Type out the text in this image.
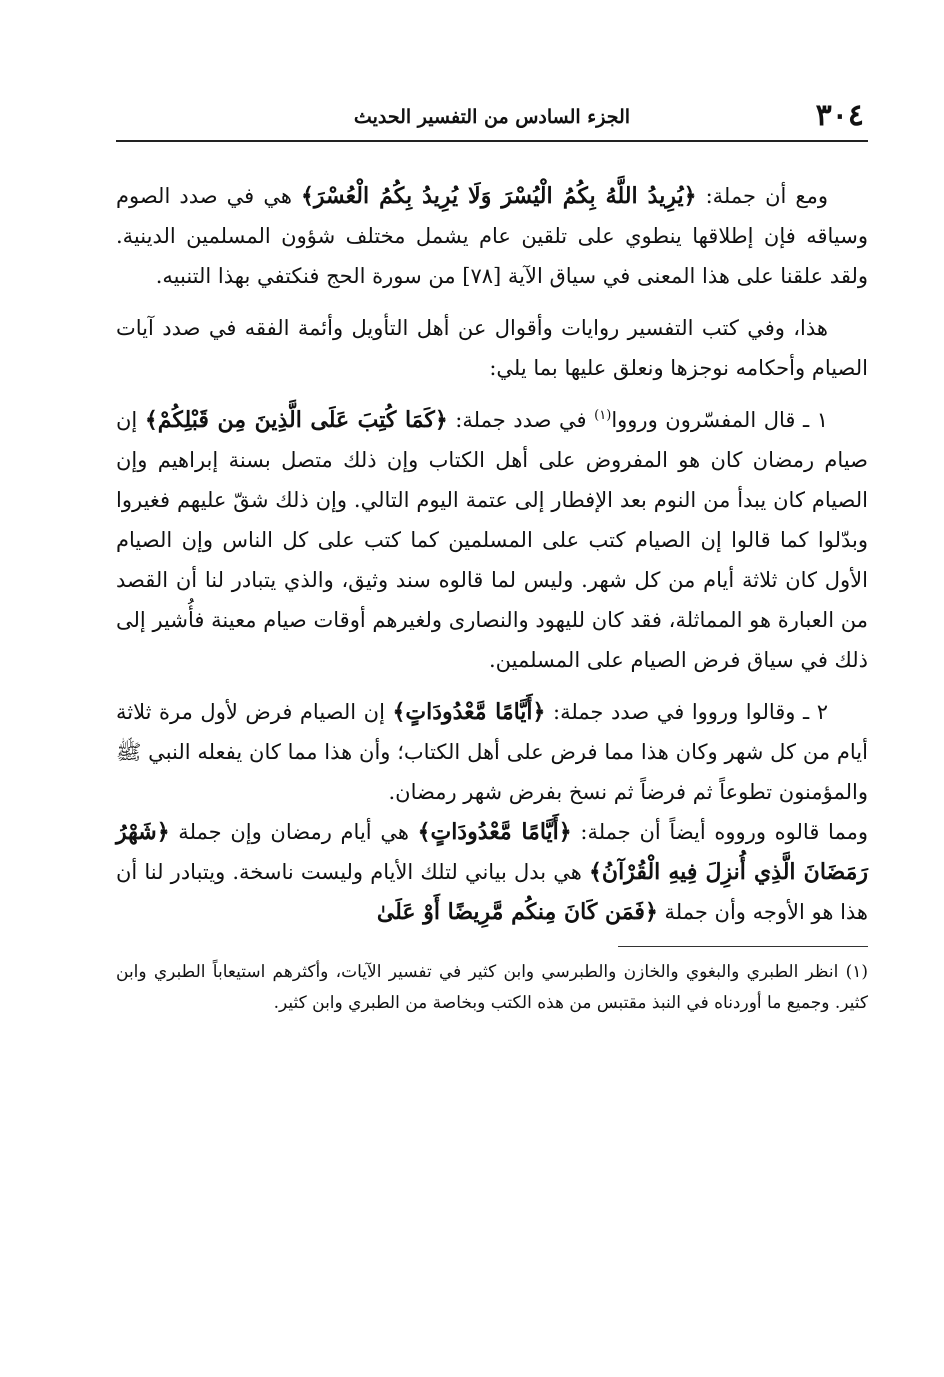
٣٠٤
الجزء السادس من التفسير الحديث

ومع أن جملة: ﴿يُرِيدُ اللَّهُ بِكُمُ الْيُسْرَ وَلَا يُرِيدُ بِكُمُ الْعُسْرَ﴾ هي في صدد الصوم وسياقه فإن إطلاقها ينطوي على تلقين عام يشمل مختلف شؤون المسلمين الدينية. ولقد علقنا على هذا المعنى في سياق الآية [٧٨] من سورة الحج فنكتفي بهذا التنبيه.

هذا، وفي كتب التفسير روايات وأقوال عن أهل التأويل وأئمة الفقه في صدد آيات الصيام وأحكامه نوجزها ونعلق عليها بما يلي:

١ ـ قال المفسّرون ورووا$^{(١)}$ في صدد جملة: ﴿كَمَا كُتِبَ عَلَى الَّذِينَ مِن قَبْلِكُمْ﴾ إن صيام رمضان كان هو المفروض على أهل الكتاب وإن ذلك متصل بسنة إبراهيم وإن الصيام كان يبدأ من النوم بعد الإفطار إلى عتمة اليوم التالي. وإن ذلك شقّ عليهم فغيروا وبدّلوا كما قالوا إن الصيام كتب على المسلمين كما كتب على كل الناس وإن الصيام الأول كان ثلاثة أيام من كل شهر. وليس لما قالوه سند وثيق، والذي يتبادر لنا أن القصد من العبارة هو المماثلة، فقد كان لليهود والنصارى ولغيرهم أوقات صيام معينة فأُشير إلى ذلك في سياق فرض الصيام على المسلمين.

٢ ـ وقالوا ورووا في صدد جملة: ﴿أَيَّامًا مَّعْدُودَاتٍ﴾ إن الصيام فرض لأول مرة ثلاثة أيام من كل شهر وكان هذا مما فرض على أهل الكتاب؛ وأن هذا مما كان يفعله النبي ﷺ والمؤمنون تطوعاً ثم فرضاً ثم نسخ بفرض شهر رمضان.

ومما قالوه ورووه أيضاً أن جملة: ﴿أَيَّامًا مَّعْدُودَاتٍ﴾ هي أيام رمضان وإن جملة ﴿شَهْرُ رَمَضَانَ الَّذِي أُنزِلَ فِيهِ الْقُرْآنُ﴾ هي بدل بياني لتلك الأيام وليست ناسخة. ويتبادر لنا أن هذا هو الأوجه وأن جملة ﴿فَمَن كَانَ مِنكُم مَّرِيضًا أَوْ عَلَىٰ

(١) انظر الطبري والبغوي والخازن والطبرسي وابن كثير في تفسير الآيات، وأكثرهم استيعاباً الطبري وابن كثير. وجميع ما أوردناه في النبذ مقتبس من هذه الكتب وبخاصة من الطبري وابن كثير.
